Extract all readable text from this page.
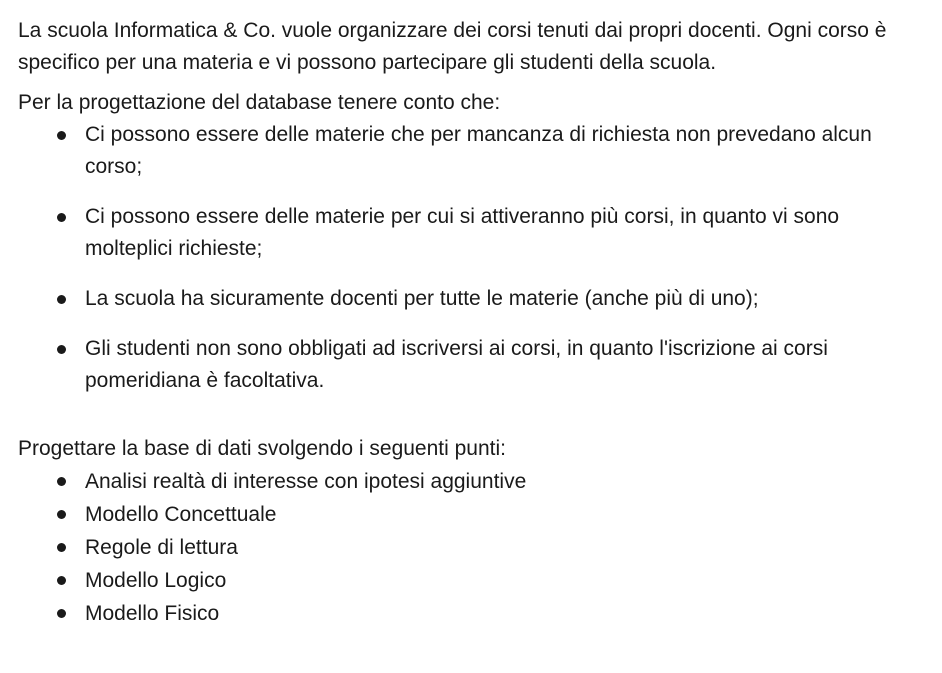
La scuola Informatica & Co. vuole organizzare dei corsi tenuti dai propri docenti. Ogni corso è specifico per una materia e vi possono partecipare gli studenti della scuola.

Per la progettazione del database tenere conto che:

Ci possono essere delle materie che per mancanza di richiesta non prevedano alcun corso;
Ci possono essere delle materie per cui si attiveranno più corsi, in quanto vi sono molteplici richieste;
La scuola ha sicuramente docenti per tutte le materie (anche più di uno);
Gli studenti non sono obbligati ad iscriversi ai corsi, in quanto l'iscrizione ai corsi pomeridiana è facoltativa.

Progettare la base di dati svolgendo i seguenti punti:

Analisi realtà di interesse con ipotesi aggiuntive
Modello Concettuale
Regole di lettura
Modello Logico
Modello Fisico
